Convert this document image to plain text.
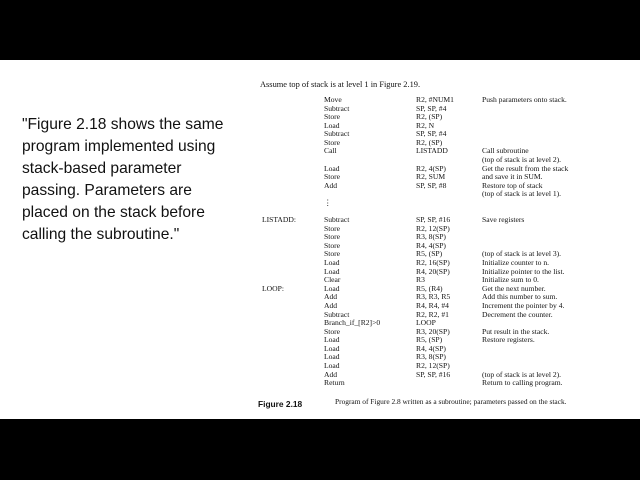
"Figure 2.18 shows the same program implemented using stack-based parameter passing. Parameters are placed on the stack before calling the subroutine."
Assume top of stack is at level 1 in Figure 2.19.
Move	R2, #NUM1	Push parameters onto stack.
Subtract	SP, SP, #4
Store	R2, (SP)
Load	R2, N
Subtract	SP, SP, #4
Store	R2, (SP)
Call	LISTADD	Call subroutine
(top of stack is at level 2).
Load	R2, 4(SP)	Get the result from the stack
Store	R2, SUM	and save it in SUM.
Add	SP, SP, #8	Restore top of stack
(top of stack is at level 1).
⋮
LISTADD:	Subtract	SP, SP, #16	Save registers
Store	R2, 12(SP)
Store	R3, 8(SP)
Store	R4, 4(SP)
Store	R5, (SP)	(top of stack is at level 3).
Load	R2, 16(SP)	Initialize counter to n.
Load	R4, 20(SP)	Initialize pointer to the list.
Clear	R3	Initialize sum to 0.
LOOP:	Load	R5, (R4)	Get the next number.
Add	R3, R3, R5	Add this number to sum.
Add	R4, R4, #4	Increment the pointer by 4.
Subtract	R2, R2, #1	Decrement the counter.
Branch_if_[R2]>0	LOOP
Store	R3, 20(SP)	Put result in the stack.
Load	R5, (SP)	Restore registers.
Load	R4, 4(SP)
Load	R3, 8(SP)
Load	R2, 12(SP)
Add	SP, SP, #16	(top of stack is at level 2).
Return	Return to calling program.
Figure 2.18	Program of Figure 2.8 written as a subroutine; parameters passed on the stack.
